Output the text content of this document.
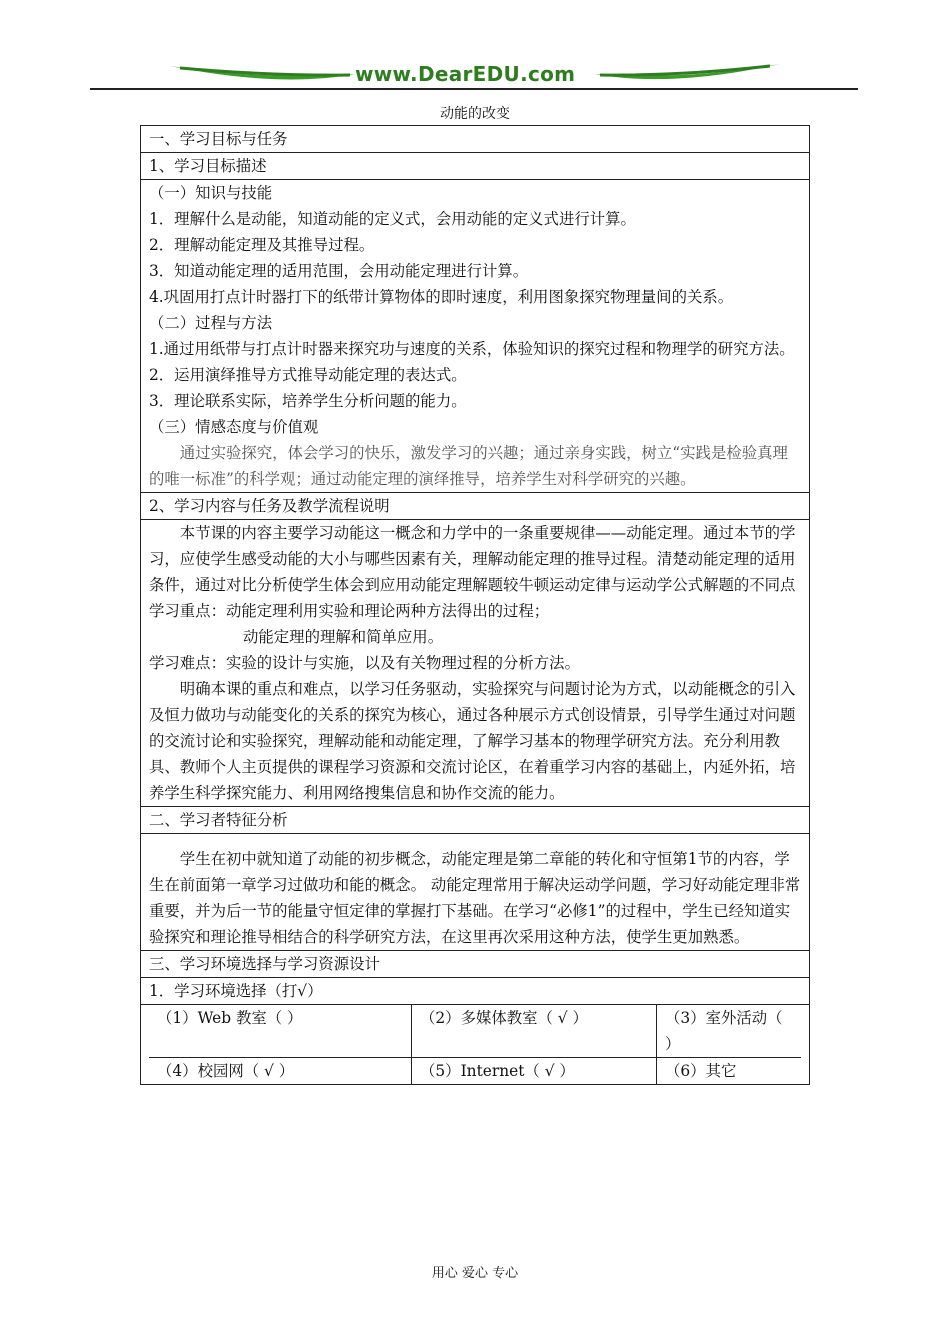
www.DearEDU.com
动能的改变
一、学习目标与任务
1、学习目标描述

（一）知识与技能

1．理解什么是动能，知道动能的定义式，会用动能的定义式进行计算。

2．理解动能定理及其推导过程。

3．知道动能定理的适用范围，会用动能定理进行计算。

4.巩固用打点计时器打下的纸带计算物体的即时速度，利用图象探究物理量间的关系。

（二）过程与方法

1.通过用纸带与打点计时器来探究功与速度的关系，体验知识的探究过程和物理学的研究方法。

2．运用演绎推导方式推导动能定理的表达式。

3．理论联系实际，培养学生分析问题的能力。

（三）情感态度与价值观

通过实验探究，体会学习的快乐，激发学习的兴趣；通过亲身实践，树立“实践是检验真理的唯一标准”的科学观；通过动能定理的演绎推导，培养学生对科学研究的兴趣。

2、学习内容与任务及教学流程说明

本节课的内容主要学习动能这一概念和力学中的一条重要规律——动能定理。通过本节的学习，应使学生感受动能的大小与哪些因素有关，理解动能定理的推导过程。清楚动能定理的适用条件，通过对比分析使学生体会到应用动能定理解题较牛顿运动定律与运动学公式解题的不同点

学习重点：动能定理利用实验和理论两种方法得出的过程；

动能定理的理解和简单应用。

学习难点：实验的设计与实施，以及有关物理过程的分析方法。

明确本课的重点和难点，以学习任务驱动，实验探究与问题讨论为方式，以动能概念的引入及恒力做功与动能变化的关系的探究为核心，通过各种展示方式创设情景，引导学生通过对问题的交流讨论和实验探究，理解动能和动能定理，了解学习基本的物理学研究方法。充分利用教具、教师个人主页提供的课程学习资源和交流讨论区，在着重学习内容的基础上，内延外拓，培养学生科学探究能力、利用网络搜集信息和协作交流的能力。

二、学习者特征分析

学生在初中就知道了动能的初步概念，动能定理是第二章能的转化和守恒第1节的内容，学生在前面第一章学习过做功和能的概念。 动能定理常用于解决运动学问题，学习好动能定理非常重要，并为后一节的能量守恒定律的掌握打下基础。在学习“必修1”的过程中，学生已经知道实验探究和理论推导相结合的科学研究方法，在这里再次采用这种方法，使学生更加熟悉。

三、学习环境选择与学习资源设计
1．学习环境选择（打√）

（1）Web 教室（ ）	（2）多媒体教室（ √ ）	（3）室外活动（ ）
（4）校园网（ √ ）	（5）Internet（ √ ）	（6）其它
用心 爱心 专心
